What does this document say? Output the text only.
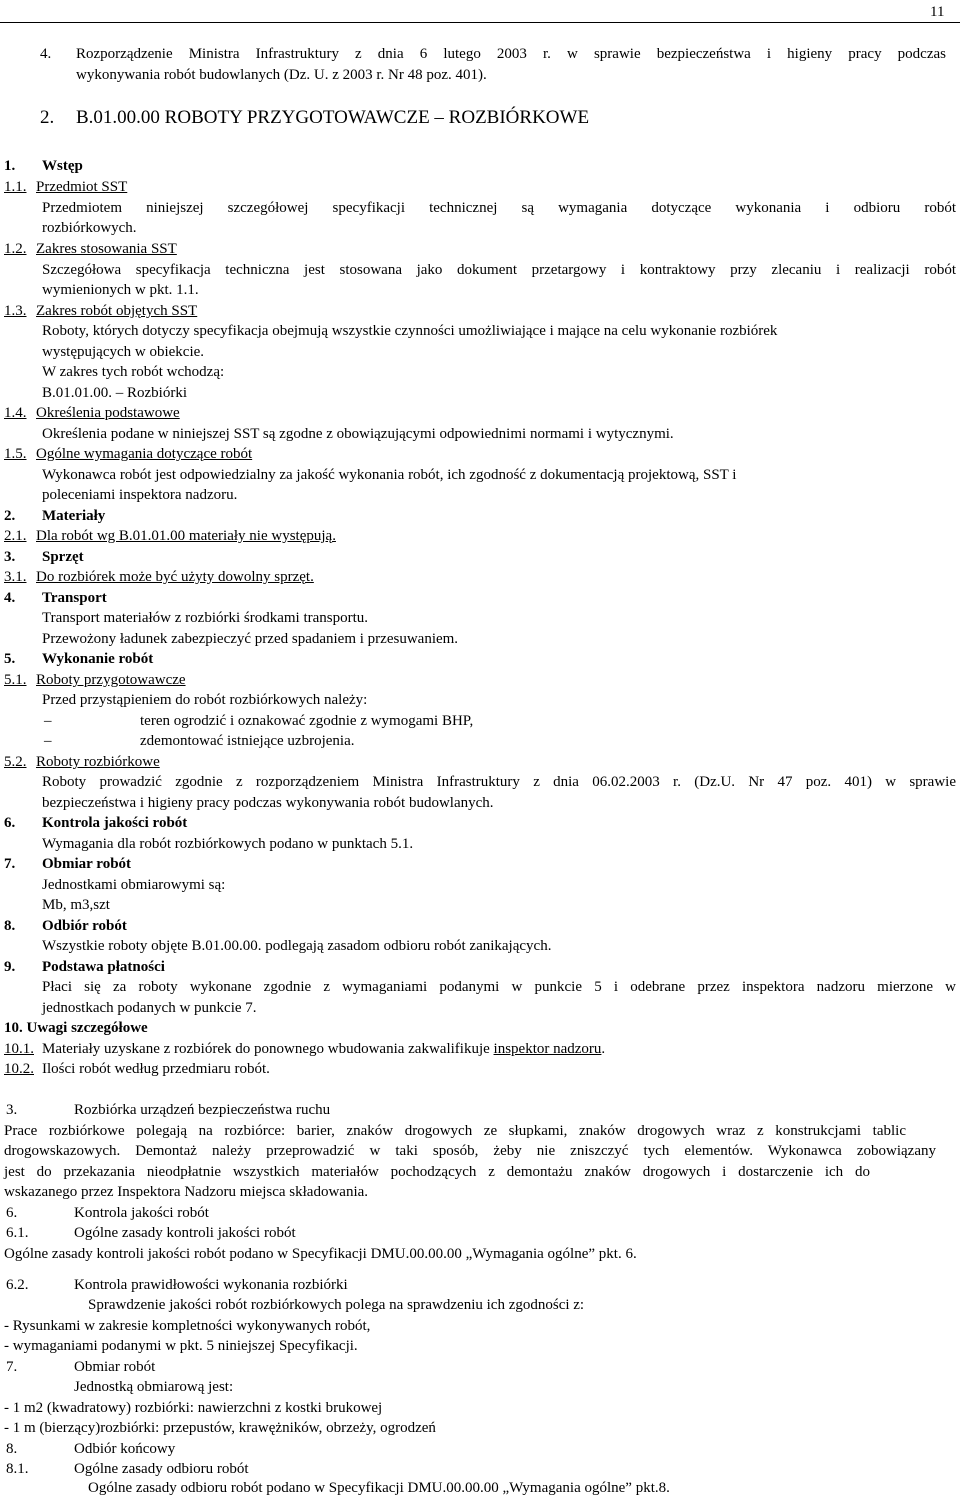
11
4. Rozporządzenie Ministra Infrastruktury z dnia 6 lutego 2003 r. w sprawie bezpieczeństwa i higieny pracy podczas
wykonywania robót budowlanych (Dz. U. z 2003 r. Nr 48 poz. 401).
2. B.01.00.00 ROBOTY PRZYGOTOWAWCZE – ROZBIÓRKOWE
1. Wstęp
1.1. Przedmiot SST
Przedmiotem niniejszej szczegółowej specyfikacji technicznej są wymagania dotyczące wykonania i odbioru robót
rozbiórkowych.
1.2. Zakres stosowania SST
Szczegółowa specyfikacja techniczna jest stosowana jako dokument przetargowy i kontraktowy przy zlecaniu i realizacji robót
wymienionych w pkt. 1.1.
1.3. Zakres robót objętych SST
Roboty, których dotyczy specyfikacja obejmują wszystkie czynności umożliwiające i mające na celu wykonanie rozbiórek
występujących w obiekcie.
W zakres tych robót wchodzą:
B.01.01.00. – Rozbiórki
1.4. Określenia podstawowe
Określenia podane w niniejszej SST są zgodne z obowiązującymi odpowiednimi normami i wytycznymi.
1.5. Ogólne wymagania dotyczące robót
Wykonawca robót jest odpowiedzialny za jakość wykonania robót, ich zgodność z dokumentacją projektową, SST i
poleceniami inspektora nadzoru.
2. Materiały
2.1. Dla robót wg B.01.01.00 materiały nie występują.
3. Sprzęt
3.1. Do rozbiórek może być użyty dowolny sprzęt.
4. Transport
Transport materiałów z rozbiórki środkami transportu.
Przewożony ładunek zabezpieczyć przed spadaniem i przesuwaniem.
5. Wykonanie robót
5.1. Roboty przygotowawcze
Przed przystąpieniem do robót rozbiórkowych należy:
–	teren ogrodzić i oznakować zgodnie z wymogami BHP,
–	zdemontować istniejące uzbrojenia.
5.2. Roboty rozbiórkowe
Roboty prowadzić zgodnie z rozporządzeniem Ministra Infrastruktury z dnia 06.02.2003 r. (Dz.U. Nr 47 poz. 401) w sprawie
bezpieczeństwa i higieny pracy podczas wykonywania robót budowlanych.
6. Kontrola jakości robót
Wymagania dla robót rozbiórkowych podano w punktach 5.1.
7. Obmiar robót
Jednostkami obmiarowymi są:
Mb, m3,szt
8. Odbiór robót
Wszystkie roboty objęte B.01.00.00. podlegają zasadom odbioru robót zanikających.
9. Podstawa płatności
Płaci się za roboty wykonane zgodnie z wymaganiami podanymi w punkcie 5 i odebrane przez inspektora nadzoru mierzone w
jednostkach podanych w punkcie 7.
10. Uwagi szczegółowe
10.1. Materiały uzyskane z rozbiórek do ponownego wbudowania zakwalifikuje inspektor nadzoru.
10.2. Ilości robót według przedmiaru robót.
3.	Rozbiórka urządzeń bezpieczeństwa ruchu
Prace rozbiórkowe polegają na rozbiórce: barier, znaków drogowych ze słupkami, znaków drogowych wraz z konstrukcjami tablic
drogowskazowych. Demontaż należy przeprowadzić w taki sposób, żeby nie zniszczyć tych elementów. Wykonawca zobowiązany
jest do przekazania nieodpłatnie wszystkich materiałów pochodzących z demontażu znaków drogowych i dostarczenie ich do
wskazanego przez Inspektora Nadzoru miejsca składowania.
6.	Kontrola jakości robót
6.1.	Ogólne zasady kontroli jakości robót
Ogólne zasady kontroli jakości robót podano w Specyfikacji DMU.00.00.00 „Wymagania ogólne” pkt. 6.
6.2.	Kontrola prawidłowości wykonania rozbiórki
Sprawdzenie jakości robót rozbiórkowych polega na sprawdzeniu ich zgodności z:
- Rysunkami w zakresie kompletności wykonywanych robót,
- wymaganiami podanymi w pkt. 5 niniejszej Specyfikacji.
7.	Obmiar robót
Jednostką obmiarową jest:
- 1 m2 (kwadratowy) rozbiórki: nawierzchni z kostki brukowej
- 1 m (bierzący)rozbiórki: przepustów, krawężników, obrzeży, ogrodzeń
8.	Odbiór końcowy
8.1.	Ogólne zasady odbioru robót
Ogólne zasady odbioru robót podano w Specyfikacji DMU.00.00.00 „Wymagania ogólne” pkt.8.
